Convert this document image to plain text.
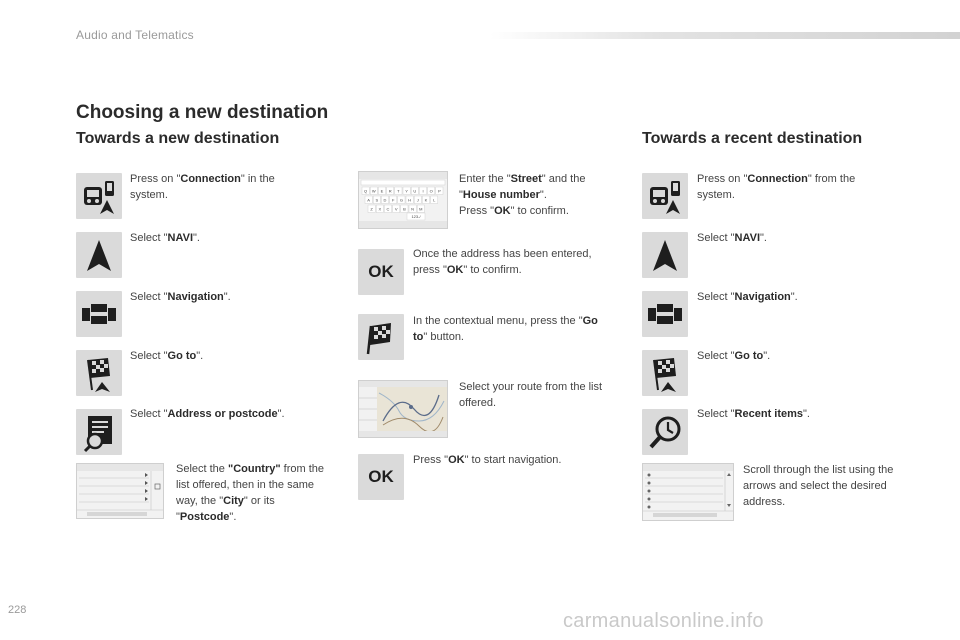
Audio and Telematics
Choosing a new destination
Towards a new destination	Towards a recent destination
Press on "Connection" in the system.
Select "NAVI".
Select "Navigation".
Select "Go to".
Select "Address or postcode".
Select the "Country" from the list offered, then in the same way, the "City" or its "Postcode".
Q W E R T Y U I O P
A S D F G H J K L
Z X C V B N M
123-/
Enter the "Street" and the "House number".
Press "OK" to confirm.
OK
Once the address has been entered, press "OK" to confirm.
In the contextual menu, press the "Go to" button.
Select your route from the list offered.
OK
Press "OK" to start navigation.
Press on "Connection" from the system.
Select "NAVI".
Select "Navigation".
Select "Go to".
Select "Recent items".
Scroll through the list using the arrows and select the desired address.
228	carmanualsonline.info
